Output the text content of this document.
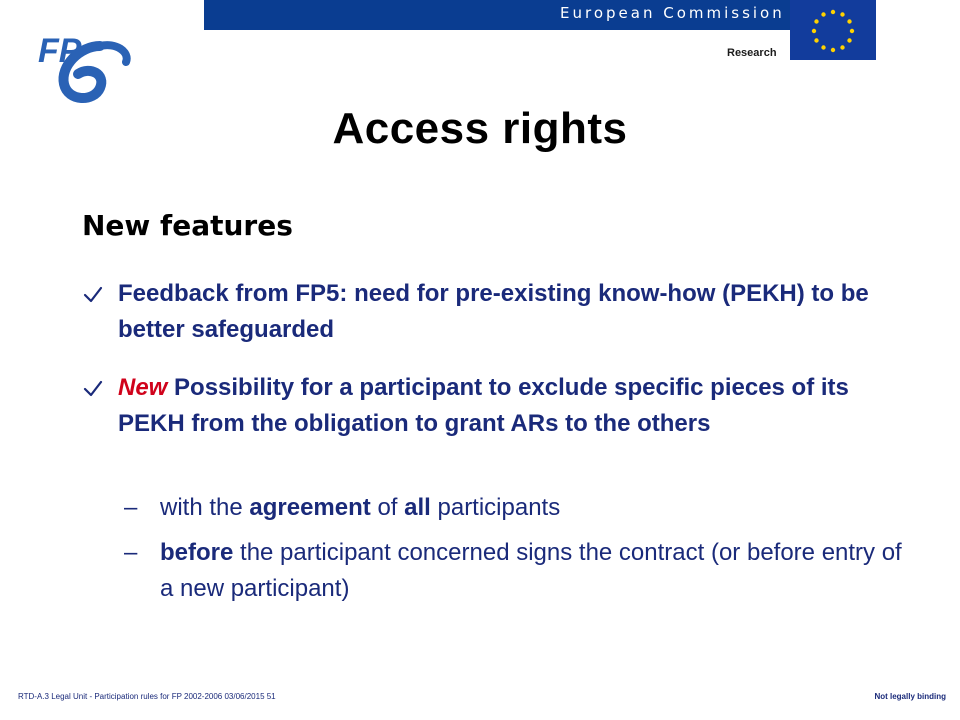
European Commission
Research
FP
Access rights
New features
Feedback from FP5: need for pre-existing know-how (PEKH) to be better safeguarded
New Possibility for a participant to exclude specific pieces of its PEKH from the obligation to grant ARs to the others
– with the agreement of all participants
– before the participant concerned signs the contract (or before entry of a new participant)
RTD-A.3 Legal Unit - Participation rules for FP 2002-2006 03/06/2015 51	Not legally binding
